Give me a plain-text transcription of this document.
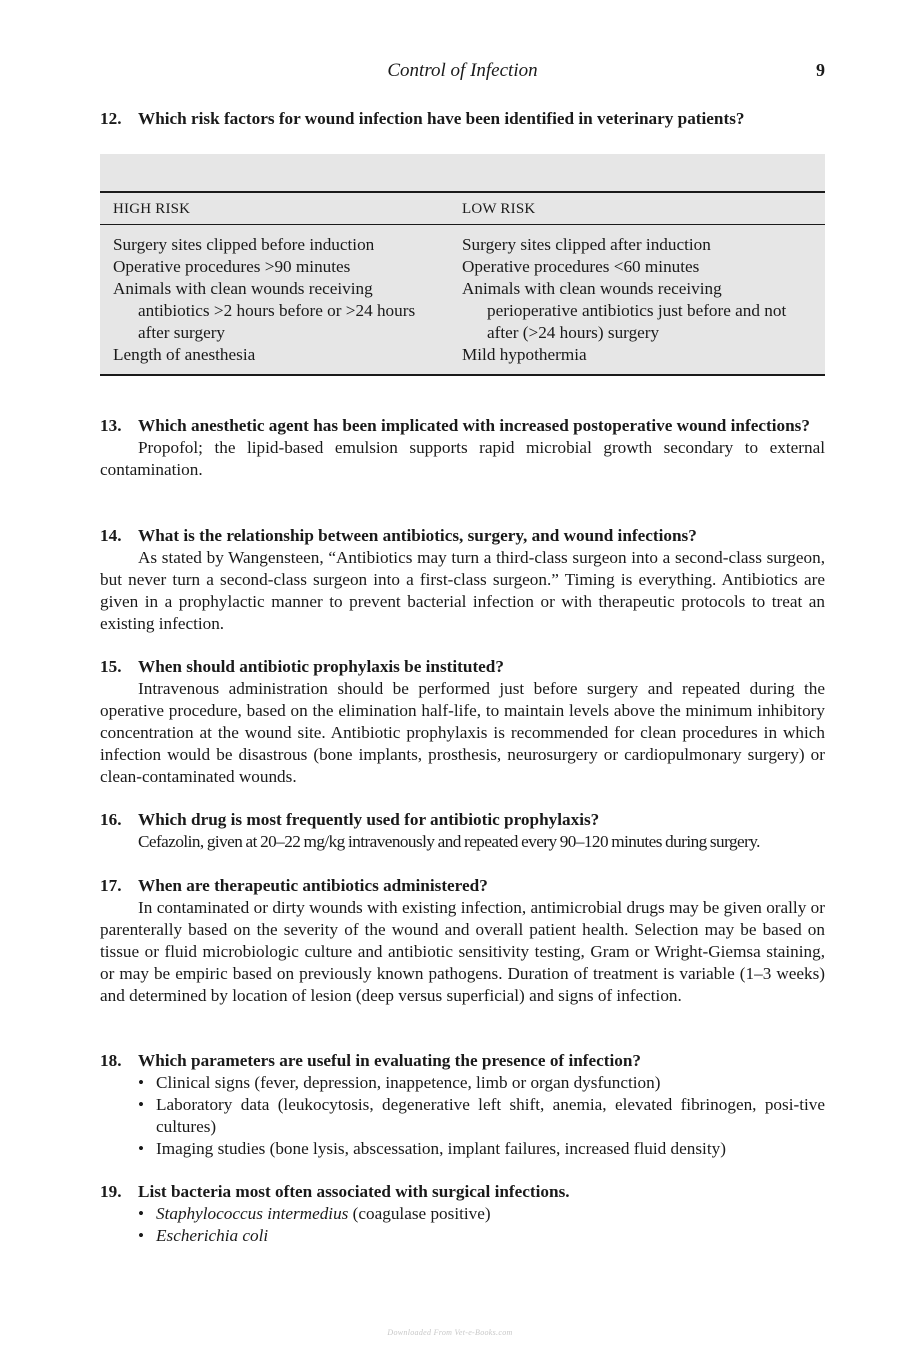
Control of Infection	9
12. Which risk factors for wound infection have been identified in veterinary patients?
HIGH RISK	LOW RISK
Surgery sites clipped before induction
Operative procedures >90 minutes
Animals with clean wounds receiving antibiotics >2 hours before or >24 hours after surgery
Length of anesthesia
Surgery sites clipped after induction
Operative procedures <60 minutes
Animals with clean wounds receiving perioperative antibiotics just before and not after (>24 hours) surgery
Mild hypothermia
13. Which anesthetic agent has been implicated with increased postoperative wound infections?
Propofol; the lipid-based emulsion supports rapid microbial growth secondary to external contamination.
14. What is the relationship between antibiotics, surgery, and wound infections?
As stated by Wangensteen, “Antibiotics may turn a third-class surgeon into a second-class surgeon, but never turn a second-class surgeon into a first-class surgeon.” Timing is everything. Antibiotics are given in a prophylactic manner to prevent bacterial infection or with therapeutic protocols to treat an existing infection.
15. When should antibiotic prophylaxis be instituted?
Intravenous administration should be performed just before surgery and repeated during the operative procedure, based on the elimination half-life, to maintain levels above the minimum inhibitory concentration at the wound site. Antibiotic prophylaxis is recommended for clean procedures in which infection would be disastrous (bone implants, prosthesis, neurosurgery or cardiopulmonary surgery) or clean-contaminated wounds.
16. Which drug is most frequently used for antibiotic prophylaxis?
Cefazolin, given at 20–22 mg/kg intravenously and repeated every 90–120 minutes during surgery.
17. When are therapeutic antibiotics administered?
In contaminated or dirty wounds with existing infection, antimicrobial drugs may be given orally or parenterally based on the severity of the wound and overall patient health. Selection may be based on tissue or fluid microbiologic culture and antibiotic sensitivity testing, Gram or Wright-Giemsa staining, or may be empiric based on previously known pathogens. Duration of treatment is variable (1–3 weeks) and determined by location of lesion (deep versus superficial) and signs of infection.
18. Which parameters are useful in evaluating the presence of infection?
• Clinical signs (fever, depression, inappetence, limb or organ dysfunction)
• Laboratory data (leukocytosis, degenerative left shift, anemia, elevated fibrinogen, posi-tive cultures)
• Imaging studies (bone lysis, abscessation, implant failures, increased fluid density)
19. List bacteria most often associated with surgical infections.
• Staphylococcus intermedius (coagulase positive)
• Escherichia coli
Downloaded From Vet-e-Books.com
